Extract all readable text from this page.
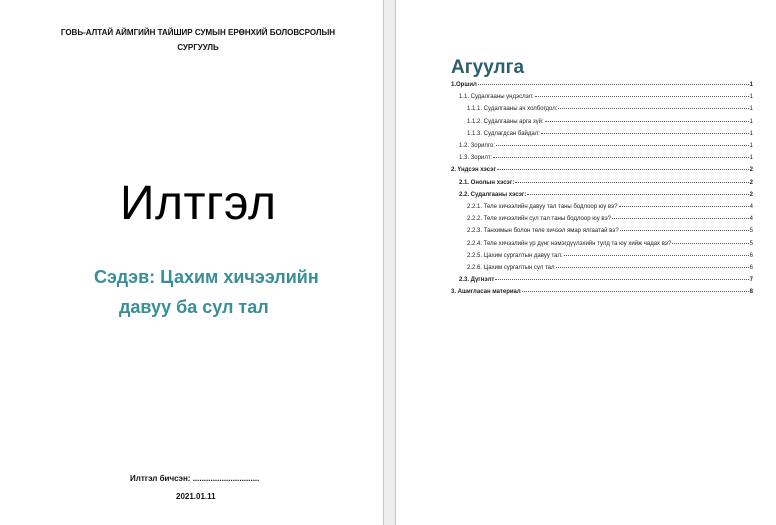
ГОВЬ-АЛТАЙ АЙМГИЙН ТАЙШИР СУМЫН ЕРӨНХИЙ БОЛОВСРОЛЫН
СУРГУУЛЬ
Илтгэл
Сэдэв: Цахим хичээлийн
давуу ба сул тал
Илтгэл бичсэн: ..............................
2021.01.11
Агуулга
1.Оршил	1
1.1. Судалгааны үндэслэл:	1
1.1.1. Судалгааны ач холбогдол:	1
1.1.2. Судалгааны арга зүй:	1
1.1.3. Судлагдсан байдал:	1
1.2. Зорилго:	1
1.3. Зорилт:	1
2. Үндсэн хэсэг	2
2.1. Онолын хэсэг:	2
2.2. Судалгааны хэсэг:	2
2.2.1. Теле хичээлийн давуу тал таны бодлоор юу вэ?	4
2.2.2. Теле хичээлийн сул тал таны бодлоор юу вэ?	4
2.2.3. Танхимын болон теле хичээл ямар ялгаатай вэ?	5
2.2.4. Теле хичээлийн үр дүнг нэмэгдүүлэхийн тулд та юу хийж чадах вэ?	5
2.2.5. Цахим сургалтын давуу тал:	6
2.2.6. Цахим сургалтын сул тал	6
2.3. Дүгнэлт	7
3. Ашигласан материал	8
